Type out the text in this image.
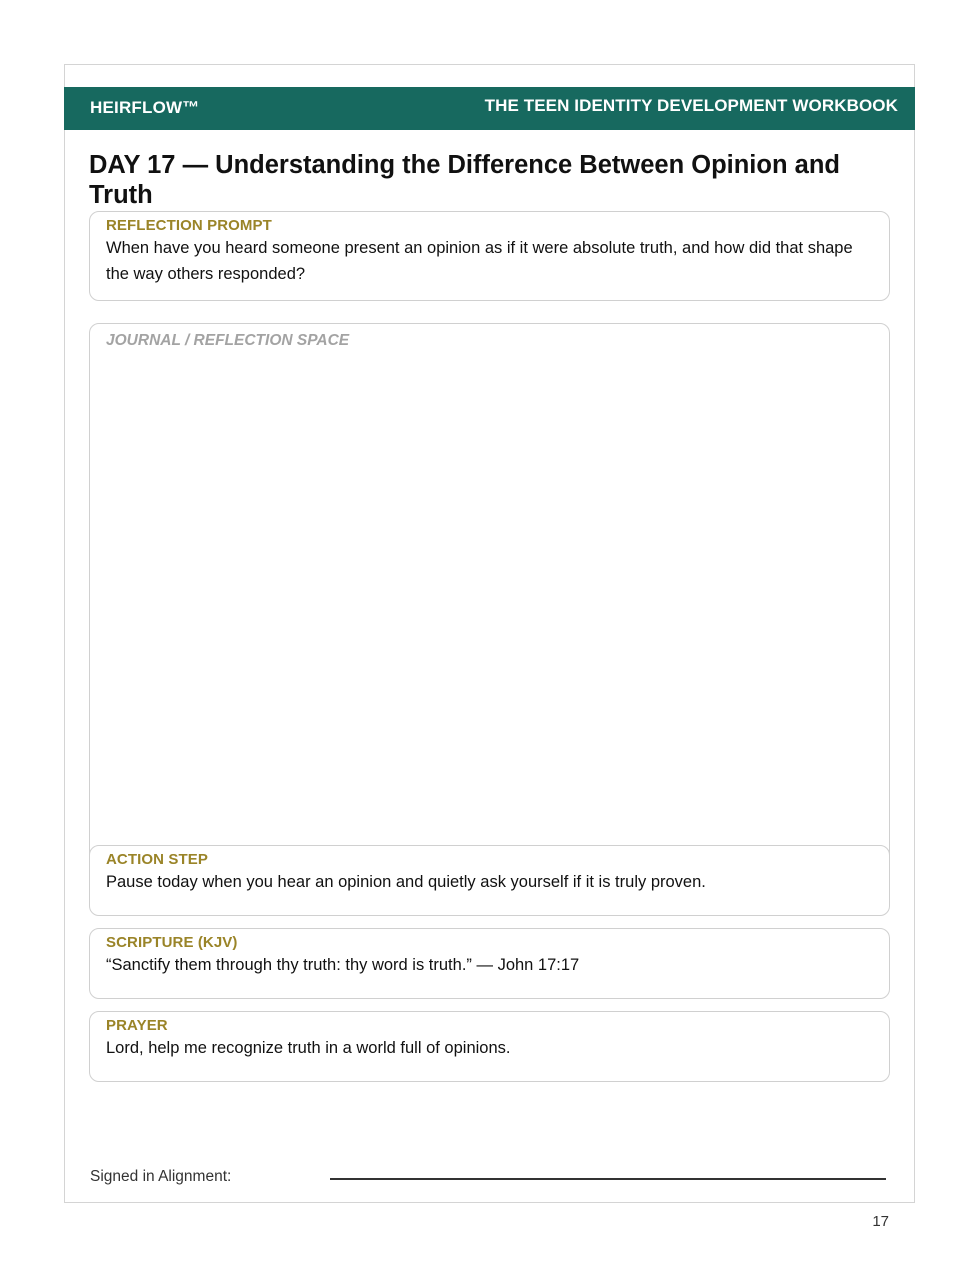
HEIRFLOW™	THE TEEN IDENTITY DEVELOPMENT WORKBOOK
DAY 17 — Understanding the Difference Between Opinion and Truth
REFLECTION PROMPT
When have you heard someone present an opinion as if it were absolute truth, and how did that shape the way others responded?
JOURNAL / REFLECTION SPACE
ACTION STEP
Pause today when you hear an opinion and quietly ask yourself if it is truly proven.
SCRIPTURE (KJV)
“Sanctify them through thy truth: thy word is truth.” — John 17:17
PRAYER
Lord, help me recognize truth in a world full of opinions.
Signed in Alignment:
17
